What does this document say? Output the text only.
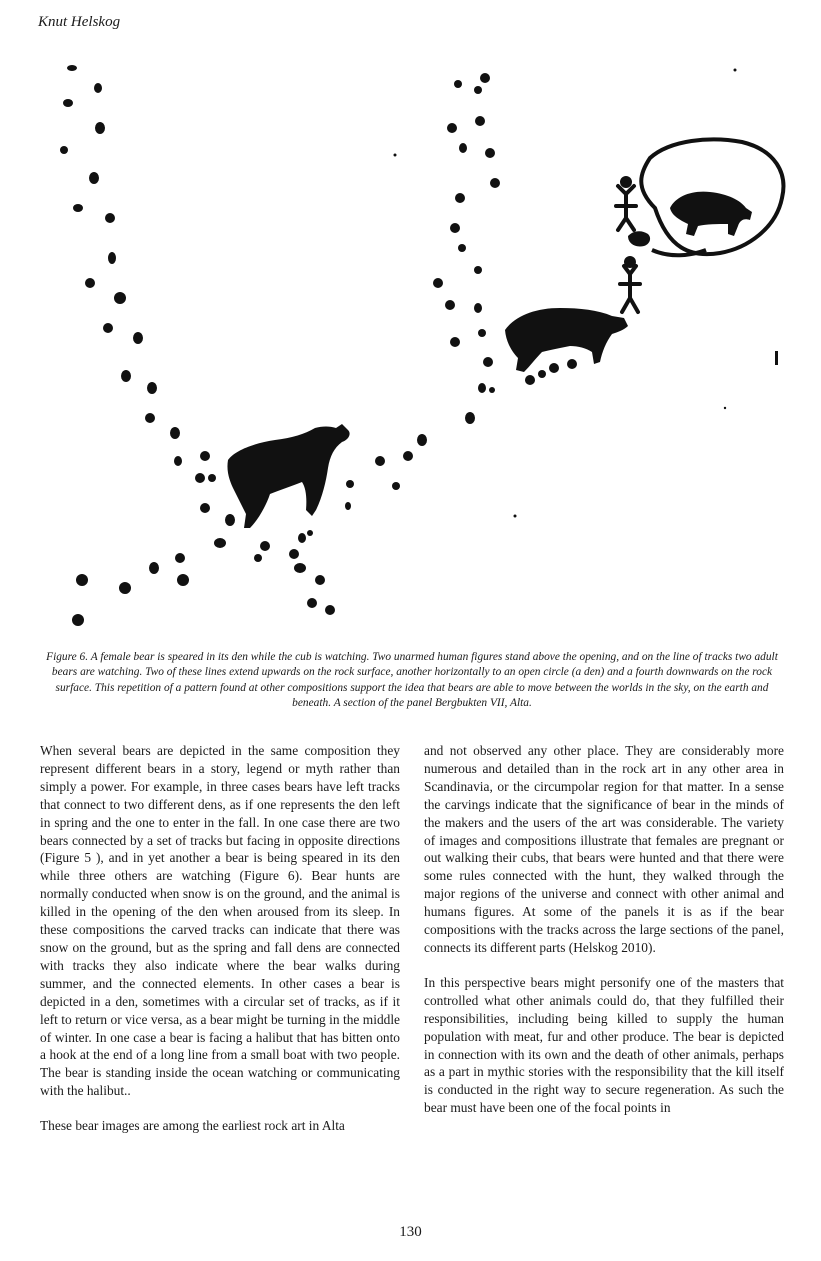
Knut Helskog
Figure 6. A female bear is speared in its den while the cub is watching. Two unarmed human figures stand above the opening, and on the line of tracks two adult bears are watching. Two of these lines extend upwards on the rock surface, another horizontally to an open circle (a den) and a fourth downwards on the rock surface. This repetition of a pattern found at other compositions support the idea that bears are able to move between the worlds in the sky, on the earth and beneath. A section of the panel Bergbukten VII, Alta.

When several bears are depicted in the same composition they represent different bears in a story, legend or myth rather than simply a power. For example, in three cases bears have left tracks that connect to two different dens, as if one represents the den left in spring and the one to enter in the fall. In one case there are two bears connected by a set of tracks but facing in opposite directions (Figure 5 ), and in yet another a bear is being speared in its den while three others are watching (Figure 6). Bear hunts are normally conducted when snow is on the ground, and the animal is killed in the opening of the den when aroused from its sleep. In these compositions the carved tracks can indicate that there was snow on the ground, but as the spring and fall dens are connected with tracks they also indicate where the bear walks during summer, and the connected elements. In other cases a bear is depicted in a den, sometimes with a circular set of tracks, as if it left to return or vice versa, as a bear might be turning in the middle of winter. In one case a bear is facing a halibut that has bitten onto a hook at the end of a long line from a small boat with two people. The bear is standing inside the ocean watching or communicating with the halibut..

These bear images are among the earliest rock art in Alta

and not observed any other place. They are considerably more numerous and detailed than in the rock art in any other area in Scandinavia, or the circumpolar region for that matter. In a sense the carvings indicate that the significance of bear in the minds of the makers and the users of the art was considerable. The variety of images and compositions illustrate that females are pregnant or out walking their cubs, that bears were hunted and that there were some rules connected with the hunt, they walked through the major regions of the universe and connect with other animal and humans figures. At some of the panels it is as if the bear compositions with the tracks across the large sections of the panel, connects its different parts (Helskog 2010).

In this perspective bears might personify one of the masters that controlled what other animals could do, that they fulfilled their responsibilities, including being killed to supply the human population with meat, fur and other produce. The bear is depicted in connection with its own and the death of other animals, perhaps as a part in mythic stories with the responsibility that the kill itself is conducted in the right way to secure regeneration. As such the bear must have been one of the focal points in

130
